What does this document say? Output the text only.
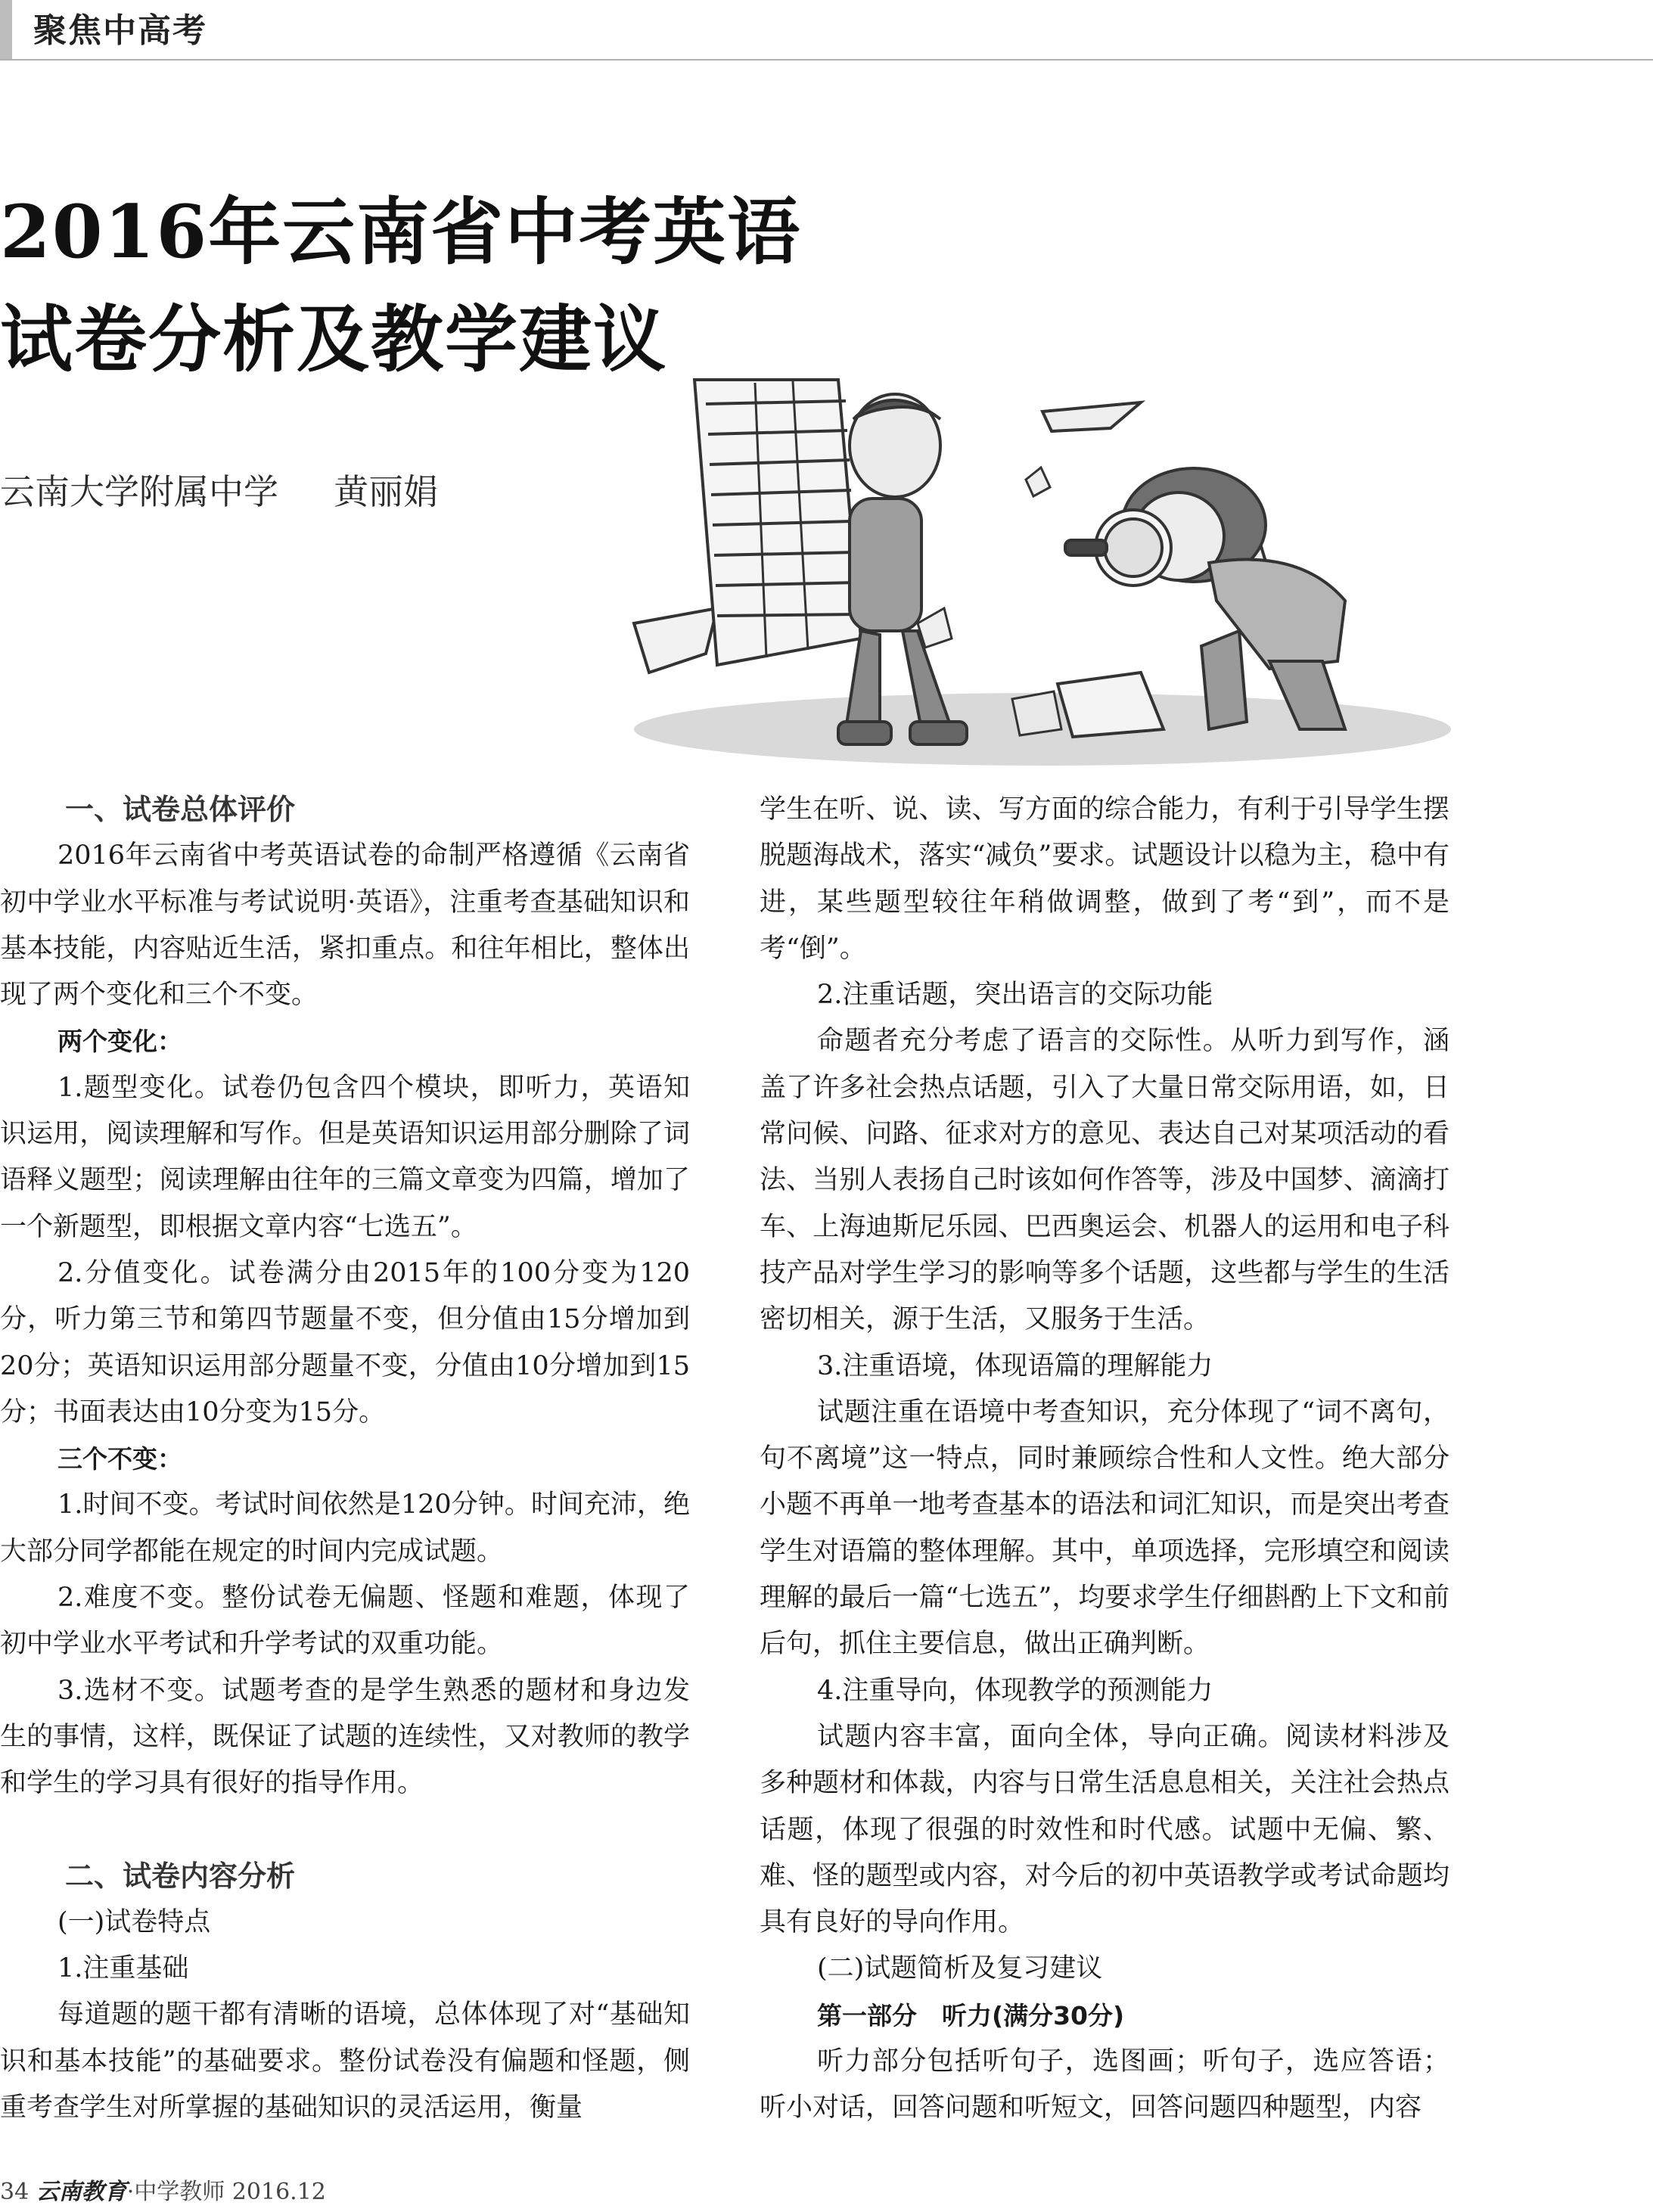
聚焦中高考
2016年云南省中考英语
试卷分析及教学建议
云南大学附属中学     黄丽娟

一、试卷总体评价

2016年云南省中考英语试卷的命制严格遵循《云南省初中学业水平标准与考试说明·英语》，注重考查基础知识和基本技能，内容贴近生活，紧扣重点。和往年相比，整体出现了两个变化和三个不变。

两个变化：

1.题型变化。试卷仍包含四个模块，即听力，英语知识运用，阅读理解和写作。但是英语知识运用部分删除了词语释义题型；阅读理解由往年的三篇文章变为四篇，增加了一个新题型，即根据文章内容“七选五”。

2.分值变化。试卷满分由2015年的100分变为120分，听力第三节和第四节题量不变，但分值由15分增加到20分；英语知识运用部分题量不变，分值由10分增加到15分；书面表达由10分变为15分。

三个不变：

1.时间不变。考试时间依然是120分钟。时间充沛，绝大部分同学都能在规定的时间内完成试题。

2.难度不变。整份试卷无偏题、怪题和难题，体现了初中学业水平考试和升学考试的双重功能。

3.选材不变。试题考查的是学生熟悉的题材和身边发生的事情，这样，既保证了试题的连续性，又对教师的教学和学生的学习具有很好的指导作用。

二、试卷内容分析

(一)试卷特点

1.注重基础

每道题的题干都有清晰的语境，总体体现了对“基础知识和基本技能”的基础要求。整份试卷没有偏题和怪题，侧重考查学生对所掌握的基础知识的灵活运用，衡量

学生在听、说、读、写方面的综合能力，有利于引导学生摆脱题海战术，落实“减负”要求。试题设计以稳为主，稳中有进，某些题型较往年稍做调整，做到了考“到”，而不是考“倒”。

2.注重话题，突出语言的交际功能

命题者充分考虑了语言的交际性。从听力到写作，涵盖了许多社会热点话题，引入了大量日常交际用语，如，日常问候、问路、征求对方的意见、表达自己对某项活动的看法、当别人表扬自己时该如何作答等，涉及中国梦、滴滴打车、上海迪斯尼乐园、巴西奥运会、机器人的运用和电子科技产品对学生学习的影响等多个话题，这些都与学生的生活密切相关，源于生活，又服务于生活。

3.注重语境，体现语篇的理解能力

试题注重在语境中考查知识，充分体现了“词不离句，句不离境”这一特点，同时兼顾综合性和人文性。绝大部分小题不再单一地考查基本的语法和词汇知识，而是突出考查学生对语篇的整体理解。其中，单项选择，完形填空和阅读理解的最后一篇“七选五”，均要求学生仔细斟酌上下文和前后句，抓住主要信息，做出正确判断。

4.注重导向，体现教学的预测能力

试题内容丰富，面向全体，导向正确。阅读材料涉及多种题材和体裁，内容与日常生活息息相关，关注社会热点话题，体现了很强的时效性和时代感。试题中无偏、繁、难、怪的题型或内容，对今后的初中英语教学或考试命题均具有良好的导向作用。

(二)试题简析及复习建议

第一部分　听力(满分30分)

听力部分包括听句子，选图画；听句子，选应答语；听小对话，回答问题和听短文，回答问题四种题型，内容

34 云南教育·中学教师 2016.12
